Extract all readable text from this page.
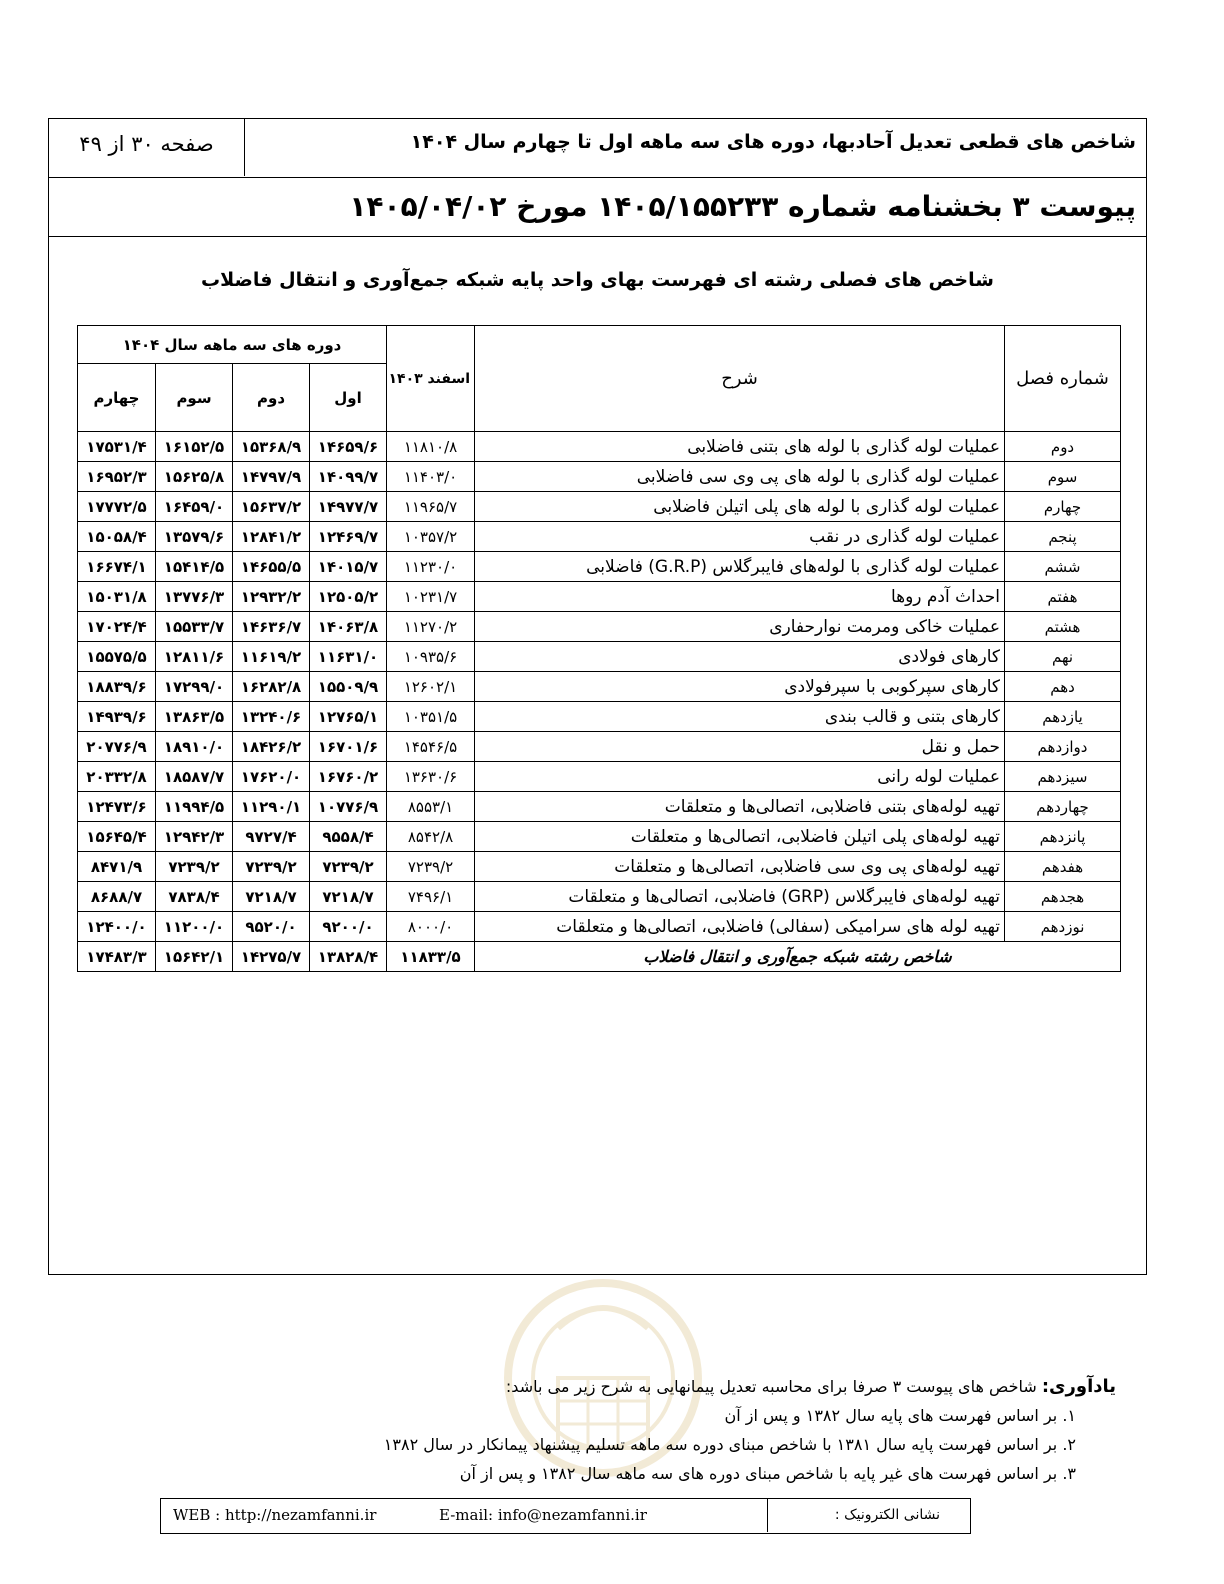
شاخص های قطعی تعدیل آحادبها، دوره های سه ماهه اول تا چهارم سال ۱۴۰۴
صفحه ۳۰ از ۴۹
پیوست ۳ بخشنامه شماره ۱۴۰۵/۱۵۵۲۳۳ مورخ ۱۴۰۵/۰۴/۰۲
شاخص های فصلی رشته ای فهرست بهای واحد پایه شبکه جمع‌آوری و انتقال فاضلاب
شماره فصل	شرح	اسفند ۱۴۰۳	دوره های سه ماهه سال ۱۴۰۴			
			اول	دوم	سوم	چهارم
دوم	عملیات لوله گذاری با لوله های بتنی فاضلابی	۱۱۸۱۰/۸	۱۴۶۵۹/۶	۱۵۳۶۸/۹	۱۶۱۵۲/۵	۱۷۵۳۱/۴
سوم	عملیات لوله گذاری با لوله های پی وی سی فاضلابی	۱۱۴۰۳/۰	۱۴۰۹۹/۷	۱۴۷۹۷/۹	۱۵۶۲۵/۸	۱۶۹۵۲/۳
چهارم	عملیات لوله گذاری با لوله های پلی اتیلن فاضلابی	۱۱۹۶۵/۷	۱۴۹۷۷/۷	۱۵۶۳۷/۲	۱۶۴۵۹/۰	۱۷۷۷۲/۵
پنجم	عملیات لوله گذاری در نقب	۱۰۳۵۷/۲	۱۲۴۶۹/۷	۱۲۸۴۱/۲	۱۳۵۷۹/۶	۱۵۰۵۸/۴
ششم	عملیات لوله گذاری با لوله‌های فایبرگلاس (G.R.P) فاضلابی	۱۱۲۳۰/۰	۱۴۰۱۵/۷	۱۴۶۵۵/۵	۱۵۴۱۴/۵	۱۶۶۷۴/۱
هفتم	احداث آدم روها	۱۰۲۳۱/۷	۱۲۵۰۵/۲	۱۲۹۳۲/۲	۱۳۷۷۶/۳	۱۵۰۳۱/۸
هشتم	عملیات خاکی ومرمت نوارحفاری	۱۱۲۷۰/۲	۱۴۰۶۳/۸	۱۴۶۳۶/۷	۱۵۵۳۳/۷	۱۷۰۲۴/۴
نهم	کارهای فولادی	۱۰۹۳۵/۶	۱۱۶۳۱/۰	۱۱۶۱۹/۲	۱۲۸۱۱/۶	۱۵۵۷۵/۵
دهم	کارهای سپرکوبی با سپرفولادی	۱۲۶۰۲/۱	۱۵۵۰۹/۹	۱۶۲۸۲/۸	۱۷۲۹۹/۰	۱۸۸۳۹/۶
یازدهم	کارهای بتنی و قالب بندی	۱۰۳۵۱/۵	۱۲۷۶۵/۱	۱۳۲۴۰/۶	۱۳۸۶۳/۵	۱۴۹۳۹/۶
دوازدهم	حمل و نقل	۱۴۵۴۶/۵	۱۶۷۰۱/۶	۱۸۴۲۶/۲	۱۸۹۱۰/۰	۲۰۷۷۶/۹
سیزدهم	عملیات لوله رانی	۱۳۶۳۰/۶	۱۶۷۶۰/۲	۱۷۶۲۰/۰	۱۸۵۸۷/۷	۲۰۳۳۲/۸
چهاردهم	تهیه لوله‌های بتنی فاضلابی، اتصالی‌ها و متعلقات	۸۵۵۳/۱	۱۰۷۷۶/۹	۱۱۲۹۰/۱	۱۱۹۹۴/۵	۱۲۴۷۳/۶
پانزدهم	تهیه لوله‌های پلی اتیلن فاضلابی، اتصالی‌ها و متعلقات	۸۵۴۲/۸	۹۵۵۸/۴	۹۷۲۷/۴	۱۲۹۴۲/۳	۱۵۶۴۵/۴
هفدهم	تهیه لوله‌های پی وی سی فاضلابی، اتصالی‌ها و متعلقات	۷۲۳۹/۲	۷۲۳۹/۲	۷۲۳۹/۲	۷۲۳۹/۲	۸۴۷۱/۹
هجدهم	تهیه لوله‌های فایبرگلاس (GRP) فاضلابی، اتصالی‌ها و متعلقات	۷۴۹۶/۱	۷۲۱۸/۷	۷۲۱۸/۷	۷۸۳۸/۴	۸۶۸۸/۷
نوزدهم	تهیه لوله های سرامیکی (سفالی) فاضلابی، اتصالی‌ها و متعلقات	۸۰۰۰/۰	۹۲۰۰/۰	۹۵۲۰/۰	۱۱۲۰۰/۰	۱۲۴۰۰/۰
شاخص رشته شبکه جمع‌آوری و انتقال فاضلاب		۱۱۸۳۳/۵	۱۳۸۲۸/۴	۱۴۲۷۵/۷	۱۵۶۴۲/۱	۱۷۴۸۳/۳
یادآوری: شاخص های پیوست ۳ صرفا برای محاسبه تعدیل پیمانهایی به شرح زیر می باشد:
۱. بر اساس فهرست های پایه سال ۱۳۸۲ و پس از آن
۲. بر اساس فهرست پایه سال ۱۳۸۱ با شاخص مبنای دوره سه ماهه تسلیم پیشنهاد پیمانکار در سال ۱۳۸۲
۳. بر اساس فهرست های غیر پایه با شاخص مبنای دوره های سه ماهه سال ۱۳۸۲ و پس از آن
WEB : http://nezamfanni.ir	E-mail: info@nezamfanni.ir	نشانی الکترونیک :
